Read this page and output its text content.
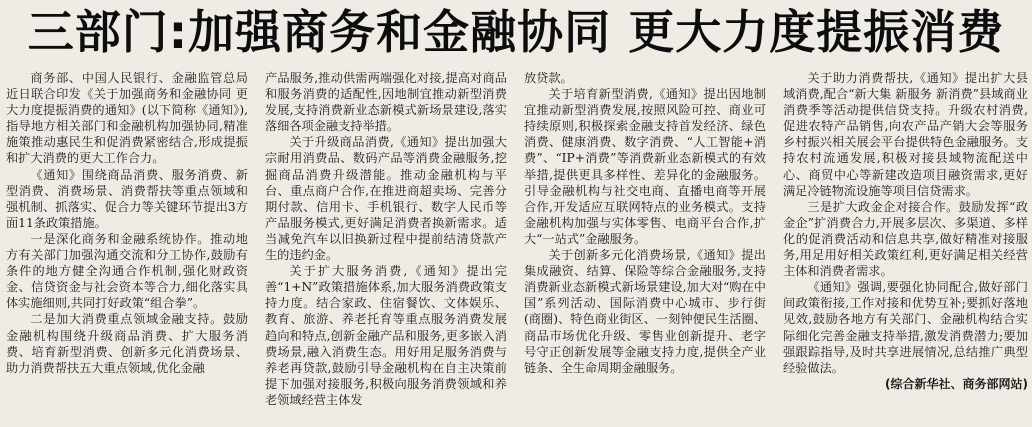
三部门:加强商务和金融协同 更大力度提振消费

商务部、中国人民银行、金融监管总局近日联合印发《关于加强商务和金融协同 更大力度提振消费的通知》(以下简称《通知》),指导地方相关部门和金融机构加强协同,精准施策推动惠民生和促消费紧密结合,形成提振和扩大消费的更大工作合力。

《通知》围绕商品消费、服务消费、新型消费、消费场景、消费帮扶等重点领域和强机制、抓落实、促合力等关键环节提出3方面11条政策措施。

一是深化商务和金融系统协作。推动地方有关部门加强沟通交流和分工协作,鼓励有条件的地方健全沟通合作机制,强化财政资金、信贷资金与社会资本等合力,细化落实具体实施细则,共同打好政策“组合拳”。

二是加大消费重点领域金融支持。鼓励金融机构围绕升级商品消费、扩大服务消费、培育新型消费、创新多元化消费场景、助力消费帮扶五大重点领域,优化金融

产品服务,推动供需两端强化对接,提高对商品和服务消费的适配性,因地制宜推动新型消费发展,支持消费新业态新模式新场景建设,落实落细各项金融支持举措。

关于升级商品消费,《通知》提出加强大宗耐用消费品、数码产品等消费金融服务,挖掘商品消费升级潜能。推动金融机构与平台、重点商户合作,在推进商超卖场、完善分期付款、信用卡、手机银行、数字人民币等产品服务模式,更好满足消费者换新需求。适当减免汽车以旧换新过程中提前结清贷款产生的违约金。

关于扩大服务消费,《通知》提出完善“1+N”政策措施体系,加大服务消费政策支持力度。结合家政、住宿餐饮、文体娱乐、教育、旅游、养老托育等重点服务消费发展趋向和特点,创新金融产品和服务,更多嵌入消费场景,融入消费生态。用好用足服务消费与养老再贷款,鼓励引导金融机构在自主决策前提下加强对接服务,积极向服务消费领域和养老领域经营主体发

放贷款。

关于培育新型消费,《通知》提出因地制宜推动新型消费发展,按照风险可控、商业可持续原则,积极探索金融支持首发经济、绿色消费、健康消费、数字消费、“人工智能+消费”、“IP+消费”等消费新业态新模式的有效举措,提供更具多样性、差异化的金融服务。引导金融机构与社交电商、直播电商等开展合作,开发适应互联网特点的业务模式。支持金融机构加强与实体零售、电商平台合作,扩大“一站式”金融服务。

关于创新多元化消费场景,《通知》提出集成融资、结算、保险等综合金融服务,支持消费新业态新模式新场景建设,加大对“购在中国”系列活动、国际消费中心城市、步行街(商圈)、特色商业街区、一刻钟便民生活圈、商品市场优化升级、零售业创新提升、老字号守正创新发展等金融支持力度,提供全产业链条、全生命周期金融服务。

关于助力消费帮扶,《通知》提出扩大县域消费,配合“新大集 新服务 新消费”县域商业消费季等活动提供信贷支持。升级农村消费,促进农特产品销售,向农产品产销大会等服务乡村振兴相关展会平台提供特色金融服务。支持农村流通发展,积极对接县域物流配送中心、商贸中心等新建改造项目融资需求,更好满足冷链物流设施等项目信贷需求。

三是扩大政金企对接合作。鼓励发挥“政金企”扩消费合力,开展多层次、多渠道、多样化的促消费活动和信息共享,做好精准对接服务,用足用好相关政策红利,更好满足相关经营主体和消费者需求。

《通知》强调,要强化协同配合,做好部门间政策衔接,工作对接和优势互补;要抓好落地见效,鼓励各地方有关部门、金融机构结合实际细化完善金融支持举措,激发消费潜力;要加强跟踪指导,及时共享进展情况,总结推广典型经验做法。

(综合新华社、商务部网站)
